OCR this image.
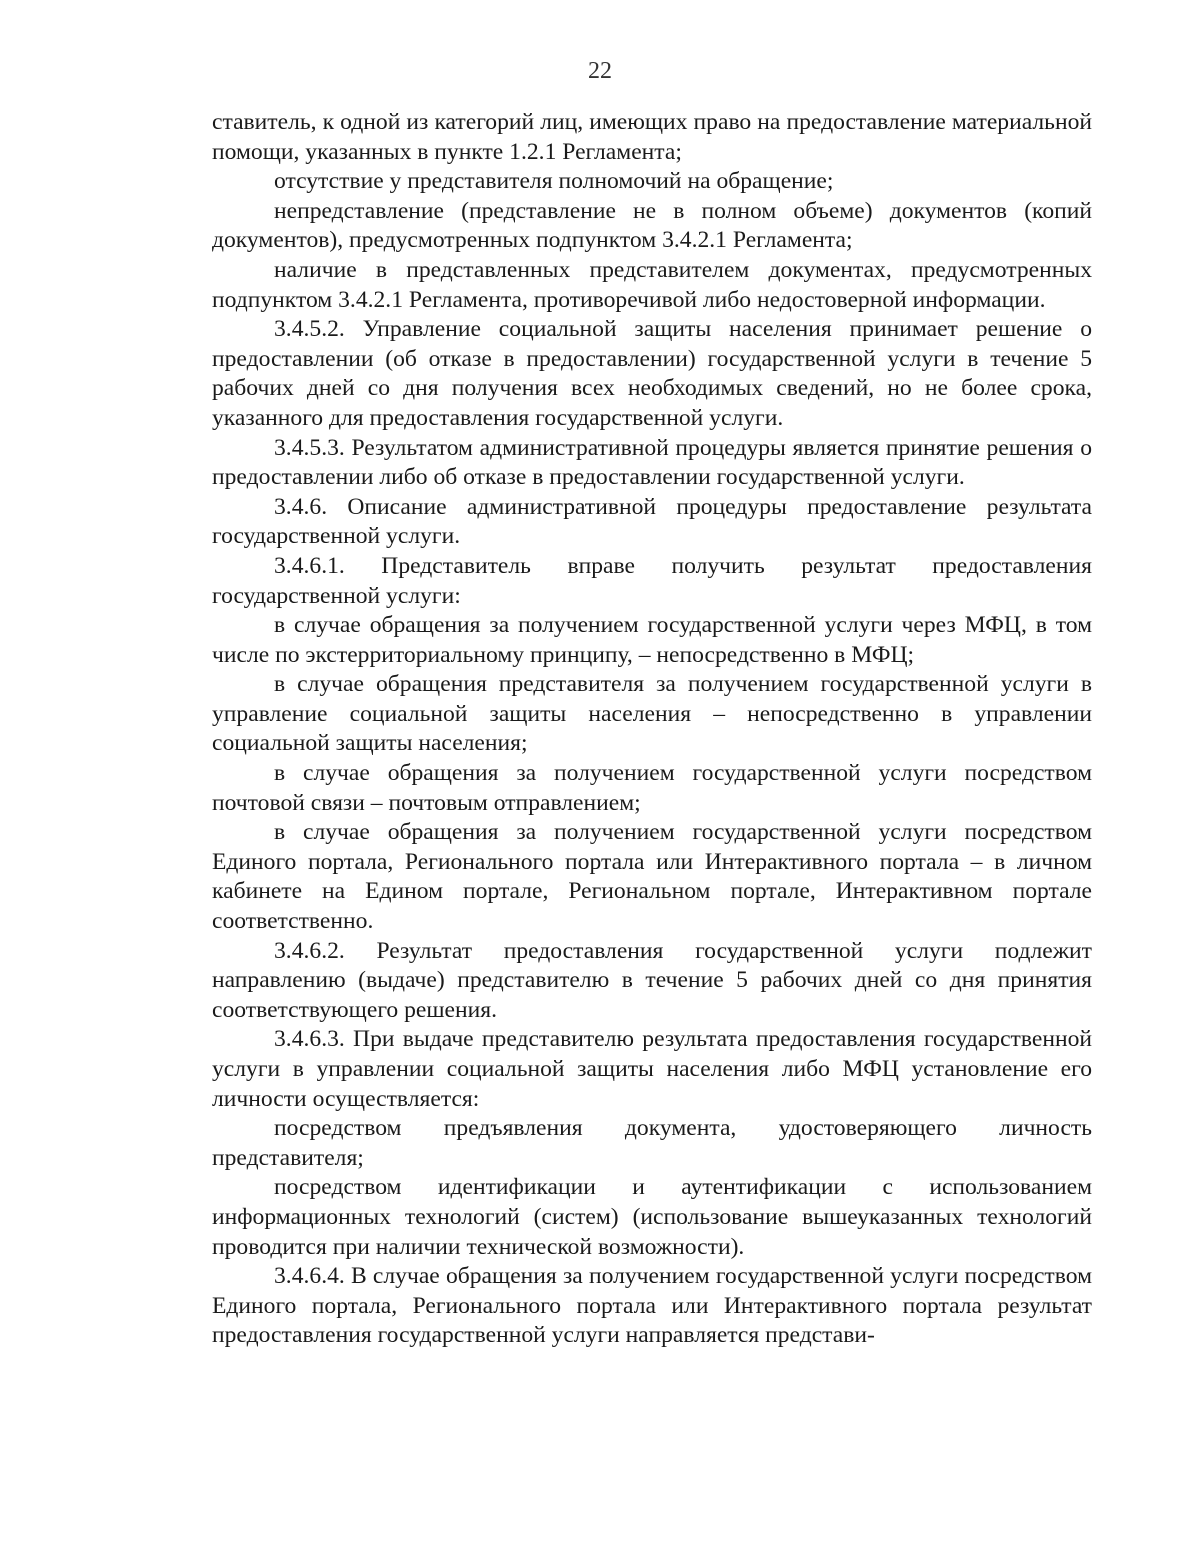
22

ставитель, к одной из категорий лиц, имеющих право на предоставление материальной помощи, указанных в пункте 1.2.1 Регламента;

отсутствие у представителя полномочий на обращение;

непредставление (представление не в полном объеме) документов (копий документов), предусмотренных подпунктом 3.4.2.1 Регламента;

наличие в представленных представителем документах, предусмотренных подпунктом 3.4.2.1 Регламента, противоречивой либо недостоверной информации.

3.4.5.2. Управление социальной защиты населения принимает решение о предоставлении (об отказе в предоставлении) государственной услуги в течение 5 рабочих дней со дня получения всех необходимых сведений, но не более срока, указанного для предоставления государственной услуги.

3.4.5.3. Результатом административной процедуры является принятие решения о предоставлении либо об отказе в предоставлении государственной услуги.

3.4.6. Описание административной процедуры предоставление результата государственной услуги.

3.4.6.1. Представитель вправе получить результат предоставления государственной услуги:

в случае обращения за получением государственной услуги через МФЦ, в том числе по экстерриториальному принципу, – непосредственно в МФЦ;

в случае обращения представителя за получением государственной услуги в управление социальной защиты населения – непосредственно в управлении социальной защиты населения;

в случае обращения за получением государственной услуги посредством почтовой связи – почтовым отправлением;

в случае обращения за получением государственной услуги посредством Единого портала, Регионального портала или Интерактивного портала – в личном кабинете на Едином портале, Региональном портале, Интерактивном портале соответственно.

3.4.6.2. Результат предоставления государственной услуги подлежит направлению (выдаче) представителю в течение 5 рабочих дней со дня принятия соответствующего решения.

3.4.6.3. При выдаче представителю результата предоставления государственной услуги в управлении социальной защиты населения либо МФЦ установление его личности осуществляется:

посредством предъявления документа, удостоверяющего личность представителя;

посредством идентификации и аутентификации с использованием информационных технологий (систем) (использование вышеуказанных технологий проводится при наличии технической возможности).

3.4.6.4. В случае обращения за получением государственной услуги посредством Единого портала, Регионального портала или Интерактивного портала результат предоставления государственной услуги направляется представи-
